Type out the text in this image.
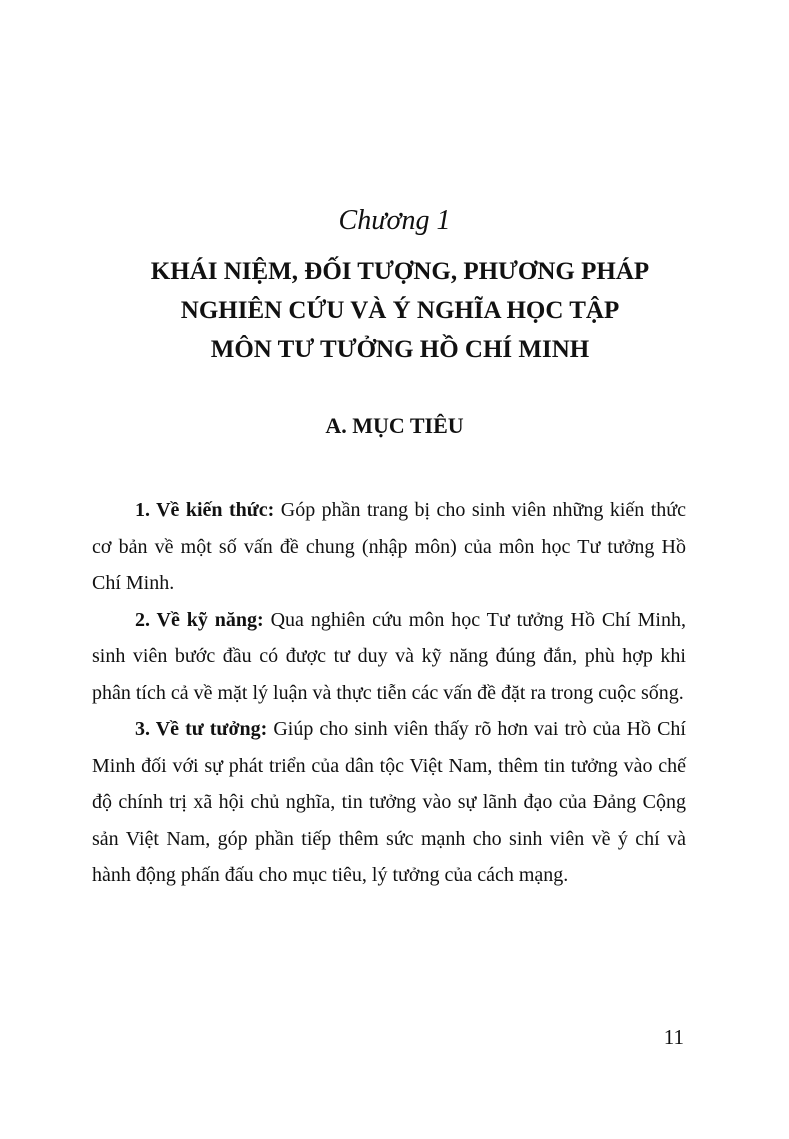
Chương 1
KHÁI NIỆM, ĐỐI TƯỢNG, PHƯƠNG PHÁP
NGHIÊN CỨU VÀ Ý NGHĨA HỌC TẬP
MÔN TƯ TƯỞNG HỒ CHÍ MINH
A. MỤC TIÊU

1. Về kiến thức: Góp phần trang bị cho sinh viên những kiến thức cơ bản về một số vấn đề chung (nhập môn) của môn học Tư tưởng Hồ Chí Minh.

2. Về kỹ năng: Qua nghiên cứu môn học Tư tưởng Hồ Chí Minh, sinh viên bước đầu có được tư duy và kỹ năng đúng đắn, phù hợp khi phân tích cả về mặt lý luận và thực tiễn các vấn đề đặt ra trong cuộc sống.

3. Về tư tưởng: Giúp cho sinh viên thấy rõ hơn vai trò của Hồ Chí Minh đối với sự phát triển của dân tộc Việt Nam, thêm tin tưởng vào chế độ chính trị xã hội chủ nghĩa, tin tưởng vào sự lãnh đạo của Đảng Cộng sản Việt Nam, góp phần tiếp thêm sức mạnh cho sinh viên về ý chí và hành động phấn đấu cho mục tiêu, lý tưởng của cách mạng.

11
